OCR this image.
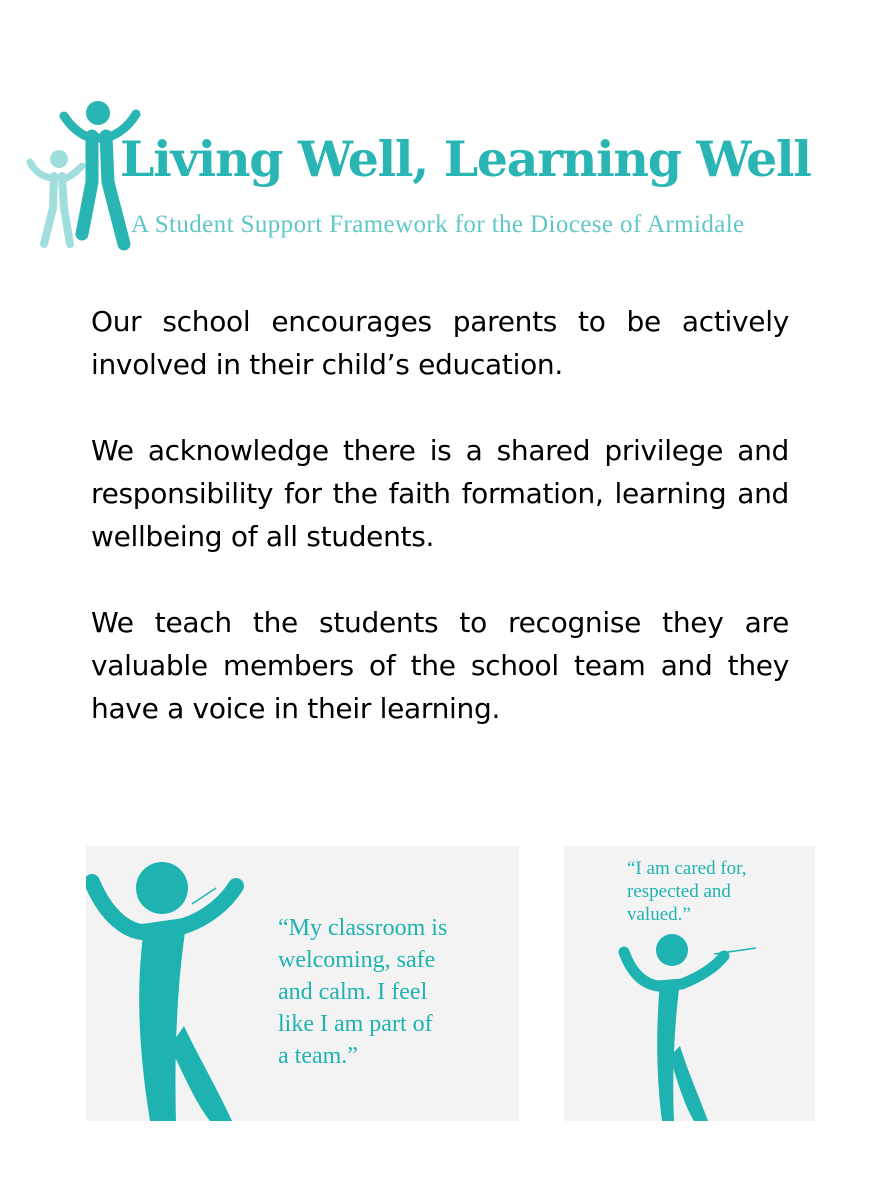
Living Well, Learning Well
A Student Support Framework for the Diocese of Armidale

Our school encourages parents to be actively involved in their child’s education.

We acknowledge there is a shared privilege and responsibility for the faith formation, learning and wellbeing of all students.

We teach the students to recognise they are valuable members of the school team and they have a voice in their learning.

“My classroom is
welcoming, safe
and calm. I feel
like I am part of
a team.”
“I am cared for,
respected and
valued.”
